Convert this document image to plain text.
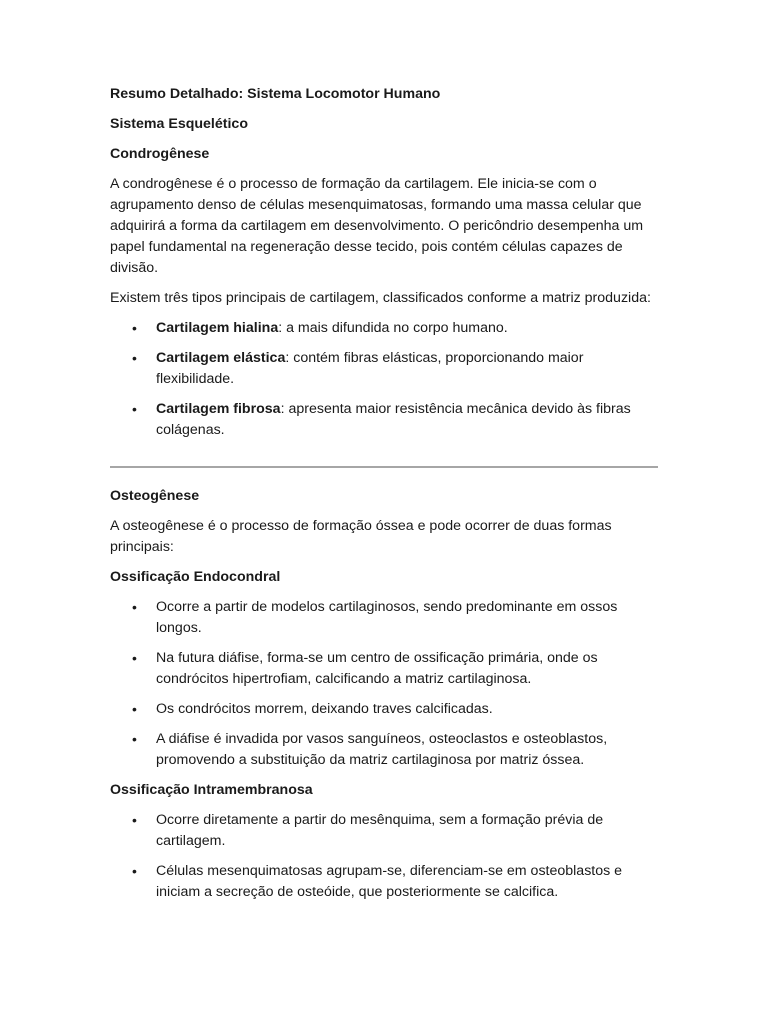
Resumo Detalhado: Sistema Locomotor Humano
Sistema Esquelético
Condrogênese

A condrogênese é o processo de formação da cartilagem. Ele inicia-se com o agrupamento denso de células mesenquimatosas, formando uma massa celular que adquirirá a forma da cartilagem em desenvolvimento. O pericôndrio desempenha um papel fundamental na regeneração desse tecido, pois contém células capazes de divisão.

Existem três tipos principais de cartilagem, classificados conforme a matriz produzida:

• Cartilagem hialina: a mais difundida no corpo humano.
• Cartilagem elástica: contém fibras elásticas, proporcionando maior flexibilidade.
• Cartilagem fibrosa: apresenta maior resistência mecânica devido às fibras colágenas.
Osteogênese

A osteogênese é o processo de formação óssea e pode ocorrer de duas formas principais:

Ossificação Endocondral
• Ocorre a partir de modelos cartilaginosos, sendo predominante em ossos longos.
• Na futura diáfise, forma-se um centro de ossificação primária, onde os condrócitos hipertrofiam, calcificando a matriz cartilaginosa.
• Os condrócitos morrem, deixando traves calcificadas.
• A diáfise é invadida por vasos sanguíneos, osteoclastos e osteoblastos, promovendo a substituição da matriz cartilaginosa por matriz óssea.
Ossificação Intramembranosa
• Ocorre diretamente a partir do mesênquima, sem a formação prévia de cartilagem.
• Células mesenquimatosas agrupam-se, diferenciam-se em osteoblastos e iniciam a secreção de osteóide, que posteriormente se calcifica.
